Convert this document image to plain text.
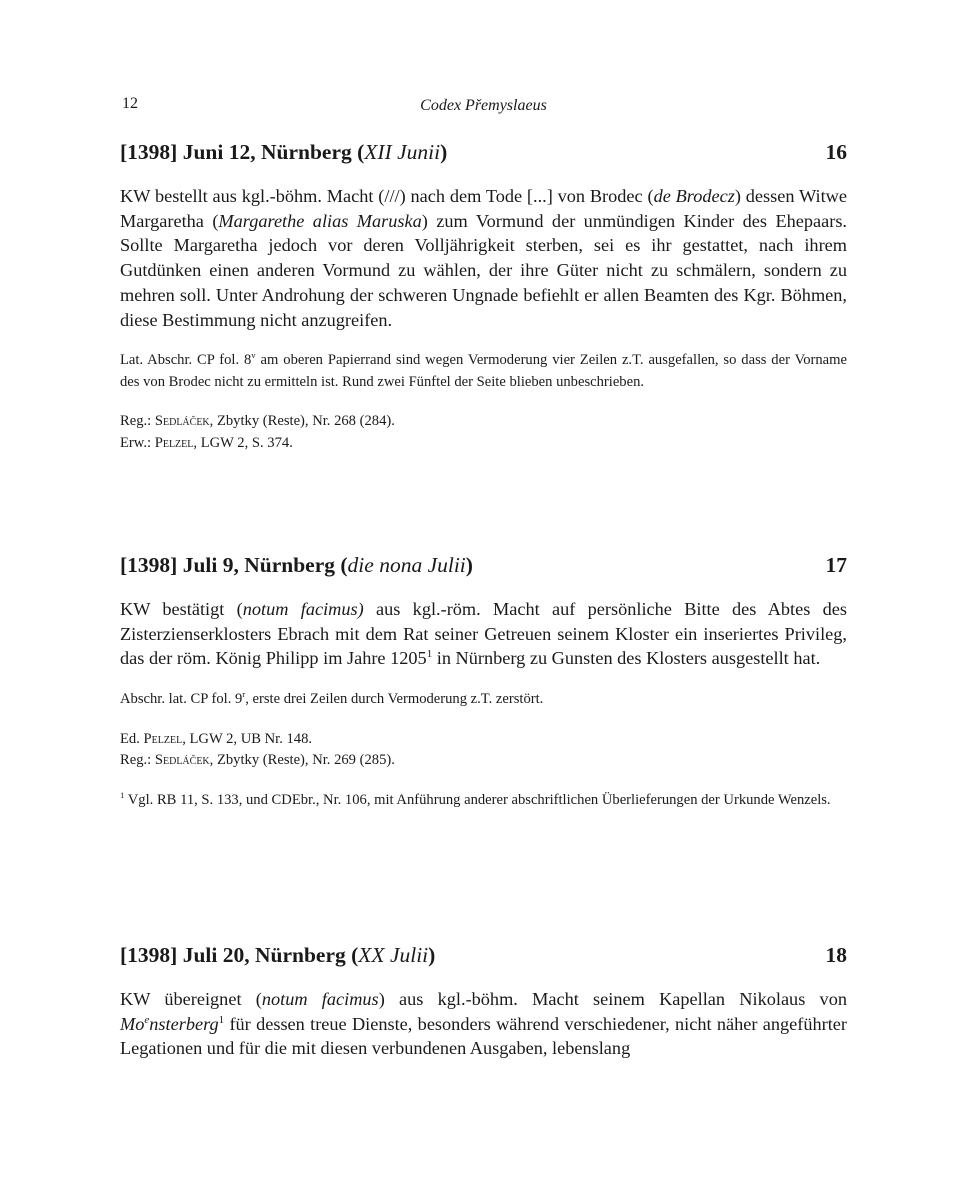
12	Codex Přemyslaeus
[1398] Juni 12, Nürnberg (XII Junii)	16

KW bestellt aus kgl.-böhm. Macht (///) nach dem Tode [...] von Brodec (de Brodecz) dessen Witwe Margaretha (Margarethe alias Maruska) zum Vormund der unmündigen Kinder des Ehepaars. Sollte Margaretha jedoch vor deren Volljährigkeit sterben, sei es ihr gestattet, nach ihrem Gutdünken einen anderen Vormund zu wählen, der ihre Güter nicht zu schmälern, sondern zu mehren soll. Unter Androhung der schweren Ungnade befiehlt er allen Beamten des Kgr. Böhmen, diese Bestimmung nicht anzugreifen.

Lat. Abschr. CP fol. 8$^v$ am oberen Papierrand sind wegen Vermoderung vier Zeilen z.T. ausgefallen, so dass der Vorname des von Brodec nicht zu ermitteln ist. Rund zwei Fünftel der Seite blieben unbeschrieben.

Reg.: Sedláček, Zbytky (Reste), Nr. 268 (284).
Erw.: Pelzel, LGW 2, S. 374.

[1398] Juli 9, Nürnberg (die nona Julii)	17

KW bestätigt (notum facimus) aus kgl.-röm. Macht auf persönliche Bitte des Abtes des Zisterzienserklosters Ebrach mit dem Rat seiner Getreuen seinem Kloster ein inseriertes Privileg, das der röm. König Philipp im Jahre 1205$^1$ in Nürnberg zu Gunsten des Klosters ausgestellt hat.

Abschr. lat. CP fol. 9$^r$, erste drei Zeilen durch Vermoderung z.T. zerstört.

Ed. Pelzel, LGW 2, UB Nr. 148.
Reg.: Sedláček, Zbytky (Reste), Nr. 269 (285).

$^1$ Vgl. RB 11, S. 133, und CDEbr., Nr. 106, mit Anführung anderer abschriftlichen Überlieferungen der Urkunde Wenzels.

[1398] Juli 20, Nürnberg (XX Julii)	18

KW übereignet (notum facimus) aus kgl.-böhm. Macht seinem Kapellan Nikolaus von Mo$^e$nsterberg$^1$ für dessen treue Dienste, besonders während verschiedener, nicht näher angeführter Legationen und für die mit diesen verbundenen Ausgaben, lebenslang
